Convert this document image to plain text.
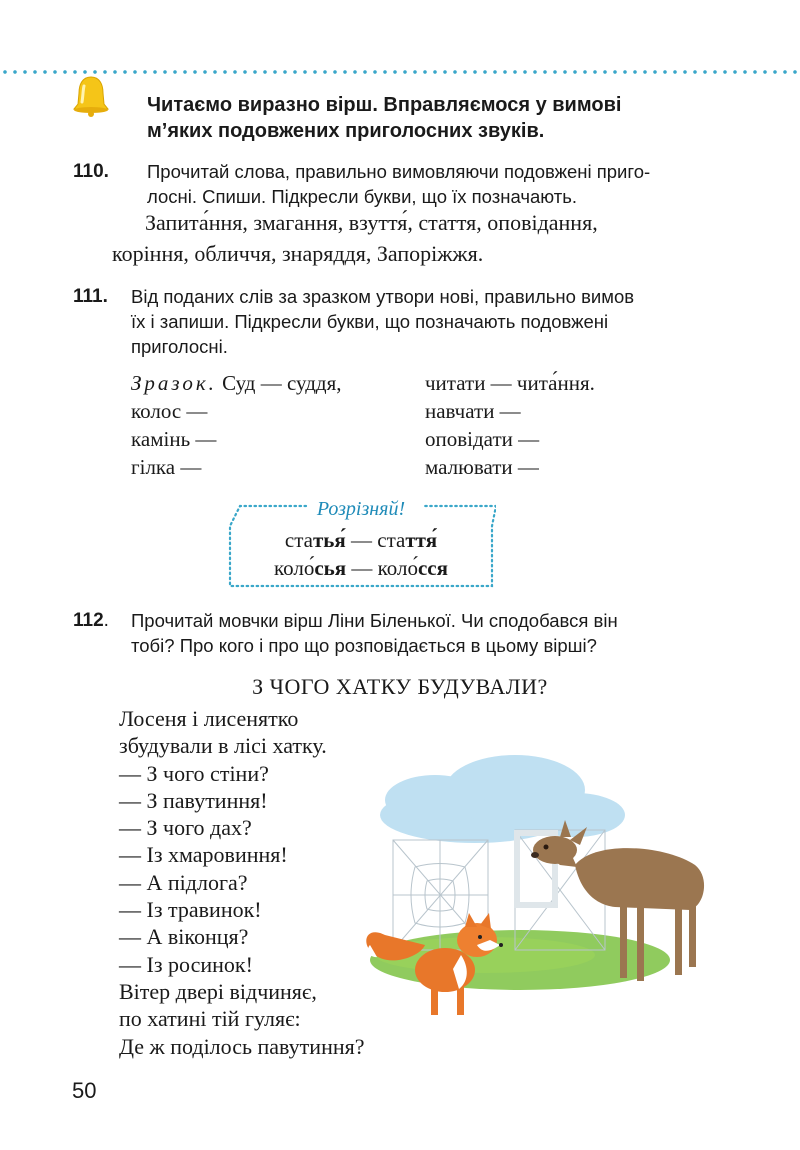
Читаємо виразно вірш. Вправляємося у вимові
м’яких подовжених приголосних звуків.
110. Прочитай слова, правильно вимовляючи подовжені приго-
лосні. Спиши. Підкресли букви, що їх позначають.
Запита́ння, змагання, взуття́, стаття, оповідання,
коріння, обличчя, знаряддя, Запоріжжя.
111. Від поданих слів за зразком утвори нові, правильно вимов
їх і запиши. Підкресли букви, що позначають подовжені
приголосні.
Зразок. Суд — суддя,
колос —
камінь —
гілка —
читати — чита́ння.
навчати —
оповідати —
малювати —
Розрізняй!
статья́ — стаття́
коло́сья — коло́сся
112. Прочитай мовчки вірш Ліни Біленької. Чи сподобався він
тобі? Про кого і про що розповідається в цьому вірші?
З ЧОГО ХАТКУ БУДУВАЛИ?
Лосеня і лисенятко
збудували в лісі хатку.
— З чого стіни?
— З павутиння!
— З чого дах?
— Із хмаровиння!
— А підлога?
— Із травинок!
— А віконця?
— Із росинок!
Вітер двері відчиняє,
по хатині тій гуляє:
Де ж поділось павутиння?
50
